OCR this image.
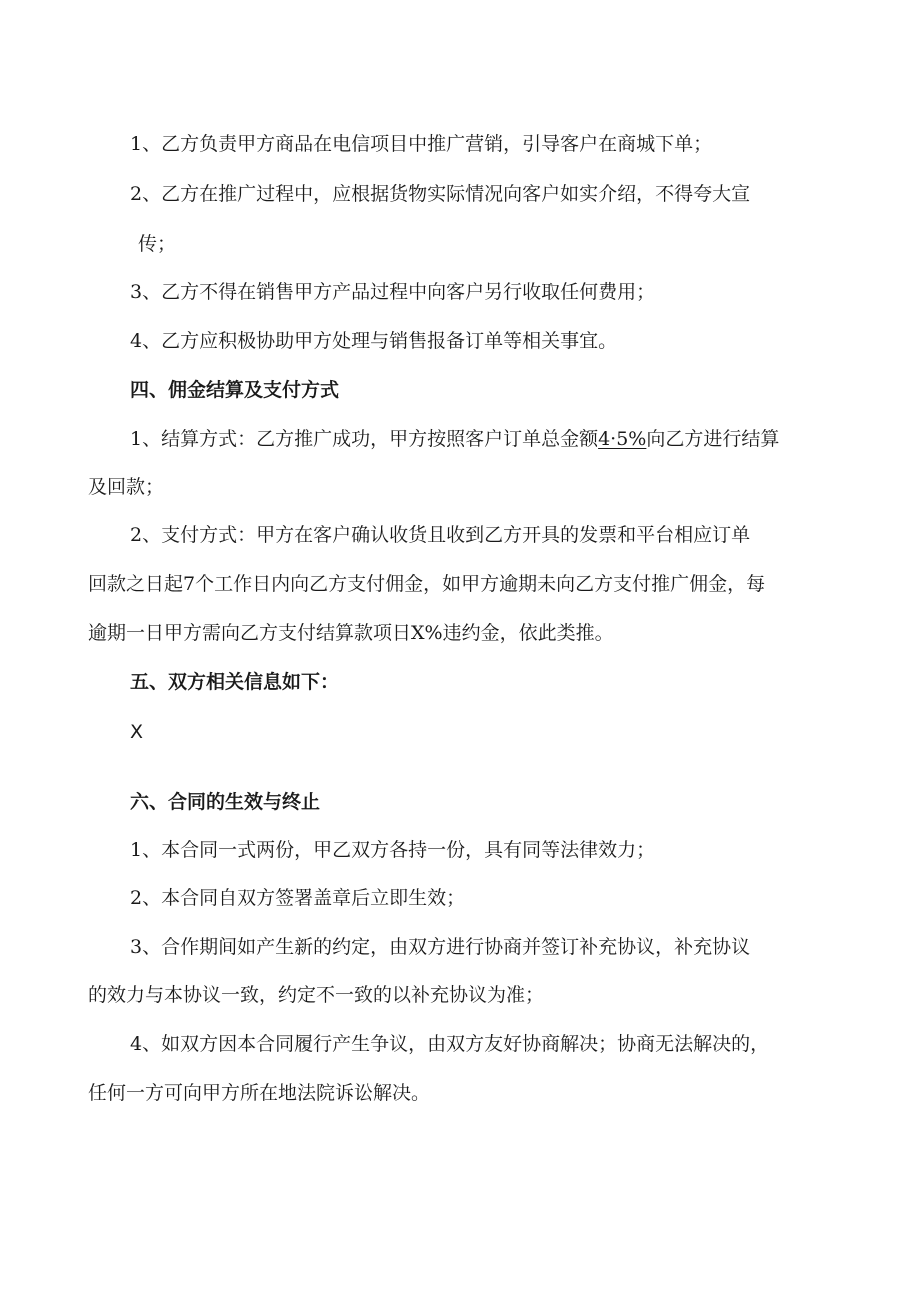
1、乙方负责甲方商品在电信项目中推广营销，引导客户在商城下单；
2、乙方在推广过程中，应根据货物实际情况向客户如实介绍，不得夸大宣
传；
3、乙方不得在销售甲方产品过程中向客户另行收取任何费用；
4、乙方应积极协助甲方处理与销售报备订单等相关事宜。
四、佣金结算及支付方式
1、结算方式：乙方推广成功，甲方按照客户订单总金额4·5%向乙方进行结算
及回款；
2、支付方式：甲方在客户确认收货且收到乙方开具的发票和平台相应订单
回款之日起7个工作日内向乙方支付佣金，如甲方逾期未向乙方支付推广佣金，每
逾期一日甲方需向乙方支付结算款项日X%违约金，依此类推。
五、双方相关信息如下：
X
六、合同的生效与终止
1、本合同一式两份，甲乙双方各持一份，具有同等法律效力；
2、本合同自双方签署盖章后立即生效；
3、合作期间如产生新的约定，由双方进行协商并签订补充协议，补充协议
的效力与本协议一致，约定不一致的以补充协议为准；
4、如双方因本合同履行产生争议，由双方友好协商解决；协商无法解决的，
任何一方可向甲方所在地法院诉讼解决。
